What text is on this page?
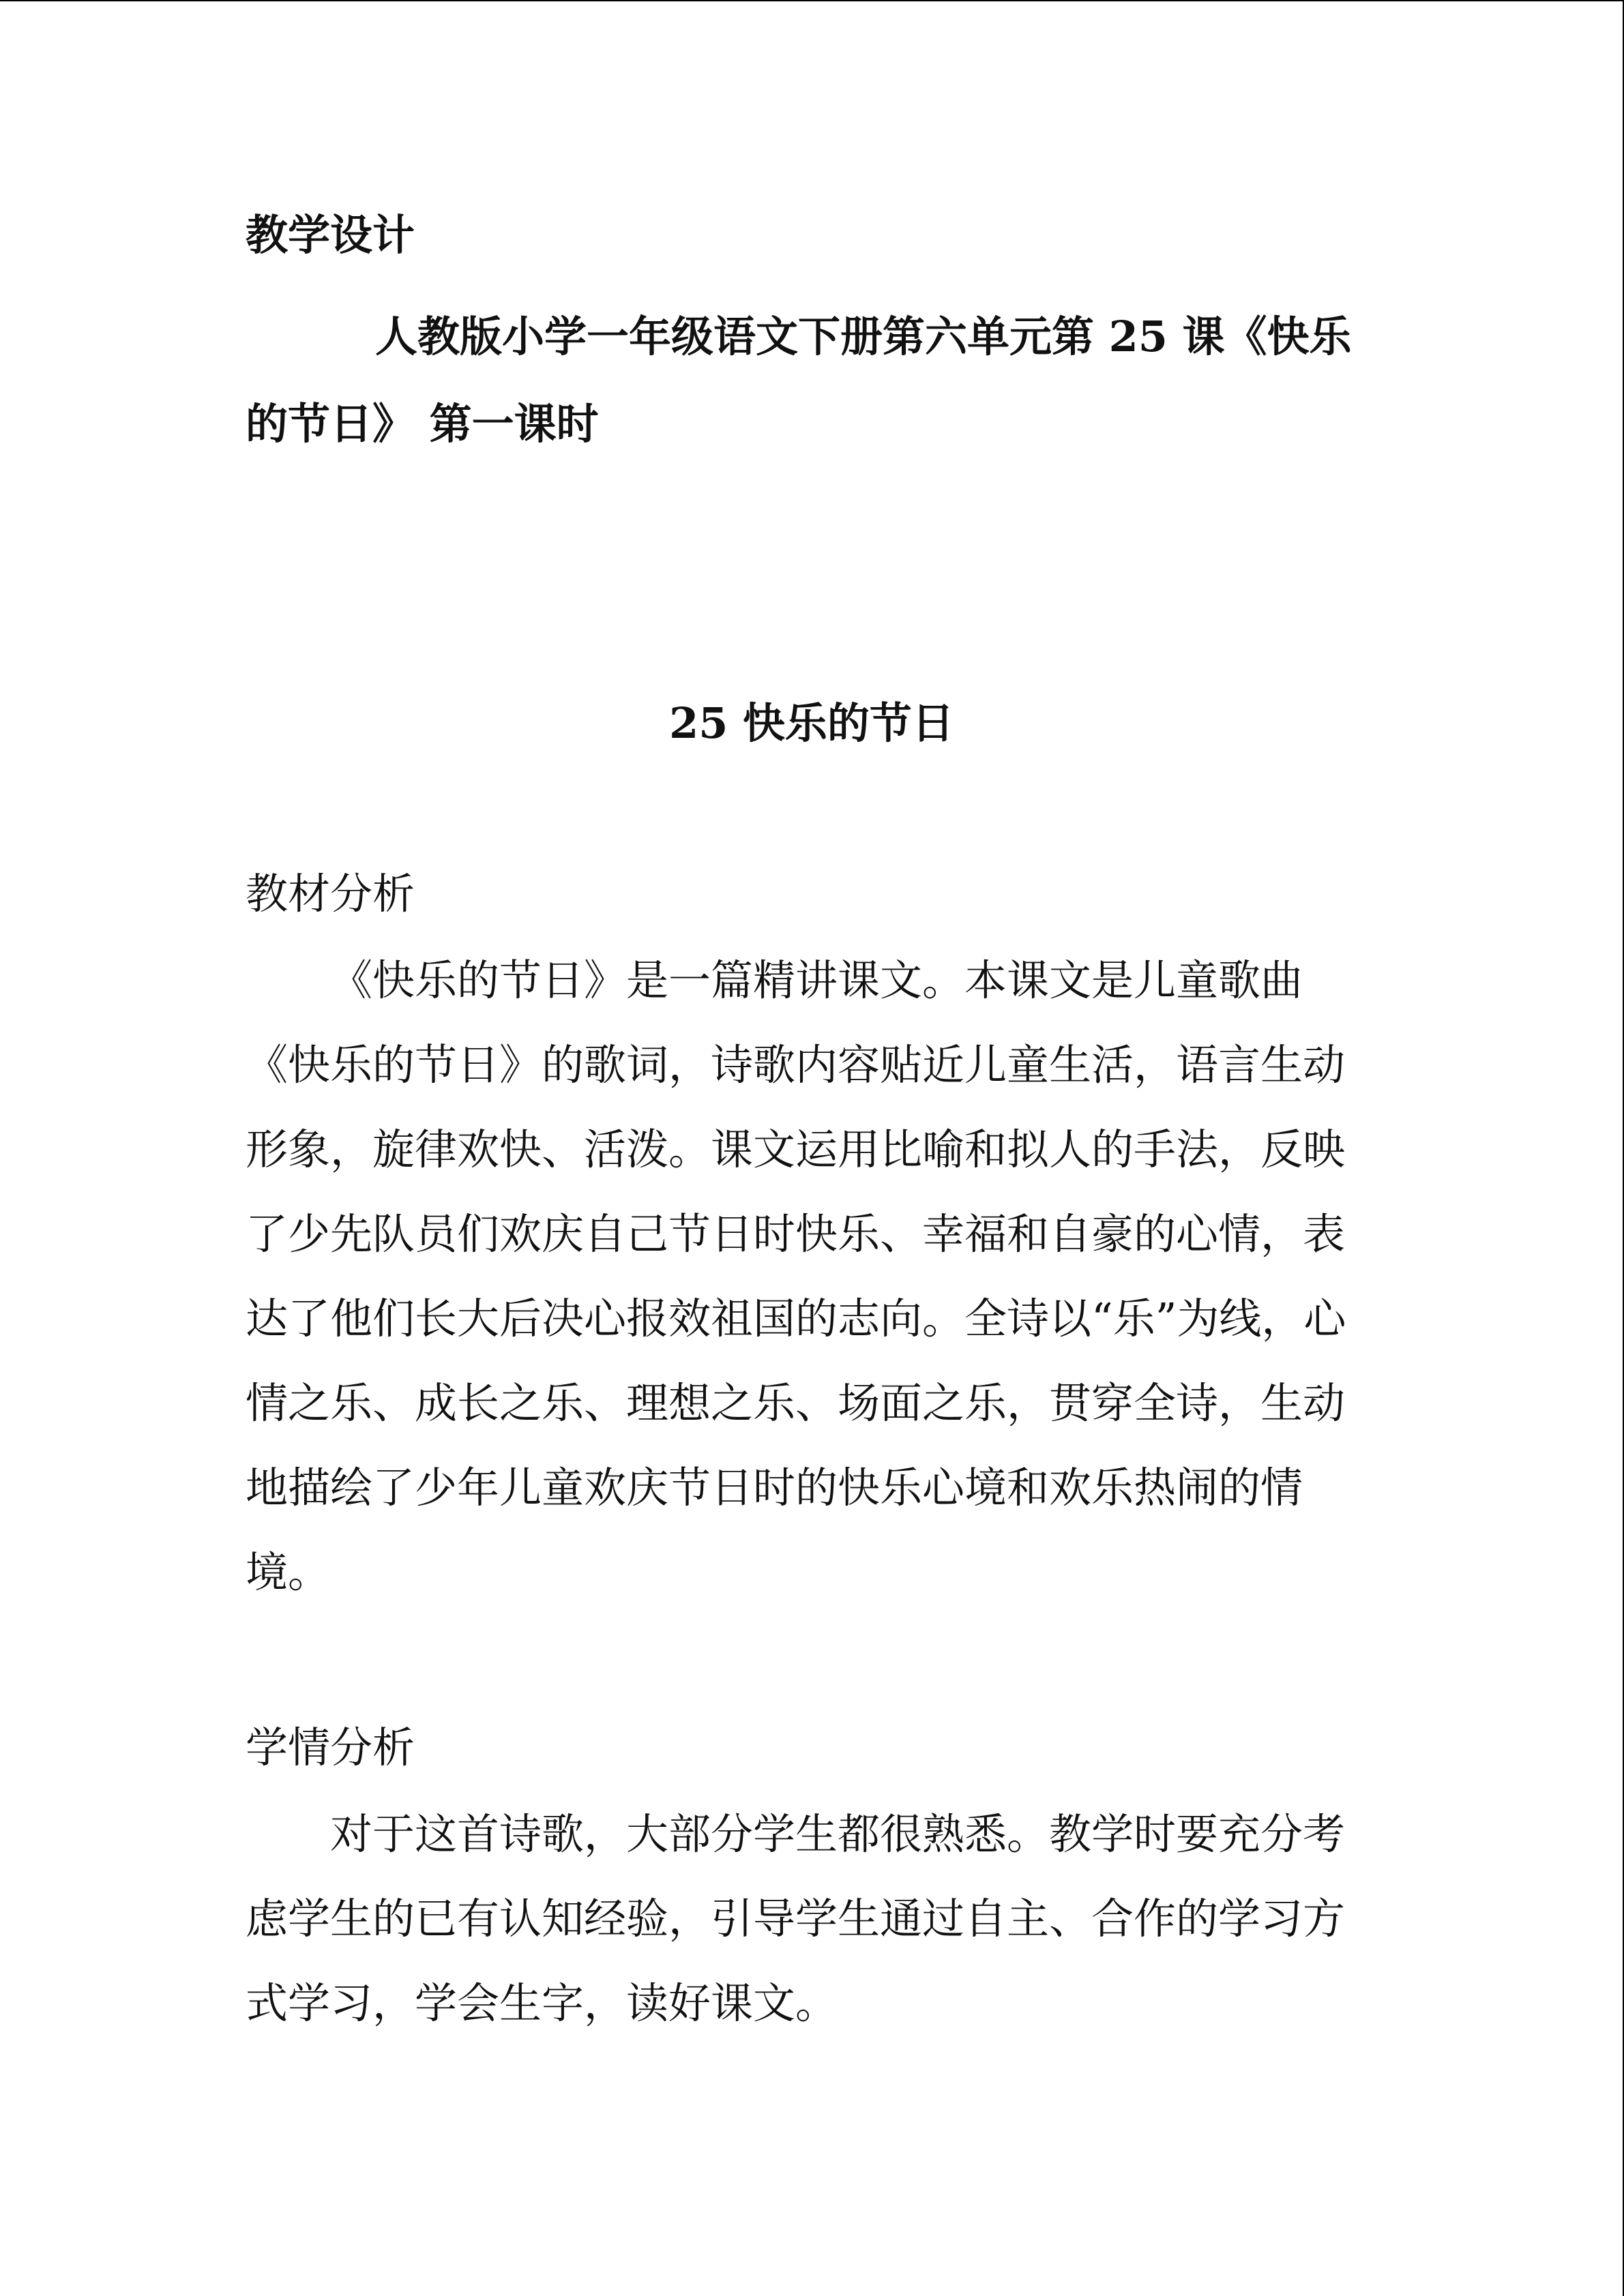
教学设计

人教版小学一年级语文下册第六单元第 25 课《快乐的节日》 第一课时

25 快乐的节日

教材分析

《快乐的节日》是一篇精讲课文。本课文是儿童歌曲《快乐的节日》的歌词，诗歌内容贴近儿童生活，语言生动形象，旋律欢快、活泼。课文运用比喻和拟人的手法，反映了少先队员们欢庆自己节日时快乐、幸福和自豪的心情，表达了他们长大后决心报效祖国的志向。全诗以“乐”为线，心情之乐、成长之乐、理想之乐、场面之乐，贯穿全诗，生动地描绘了少年儿童欢庆节日时的快乐心境和欢乐热闹的情境。

学情分析

对于这首诗歌，大部分学生都很熟悉。教学时要充分考虑学生的已有认知经验，引导学生通过自主、合作的学习方式学习，学会生字，读好课文。
